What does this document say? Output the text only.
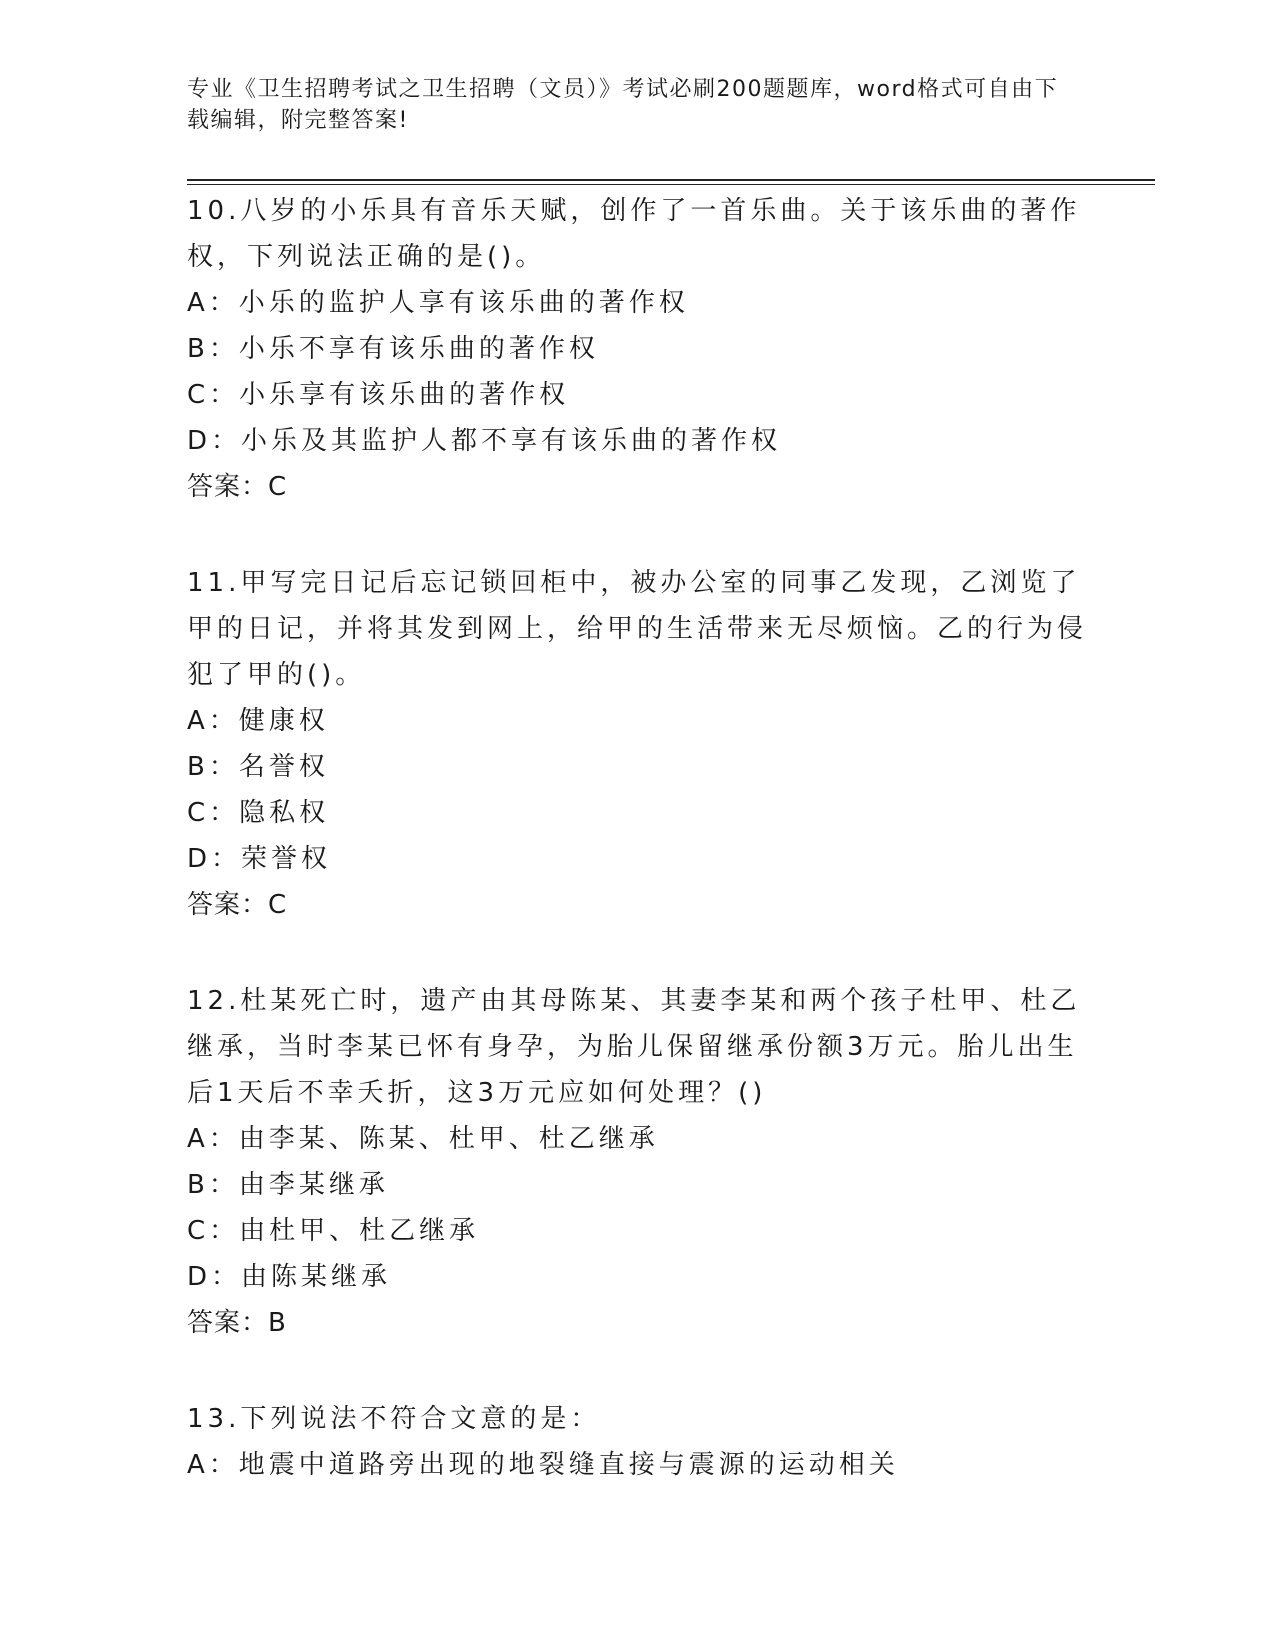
专业《卫生招聘考试之卫生招聘（文员）》考试必刷200题题库，word格式可自由下载编辑，附完整答案!

10.八岁的小乐具有音乐天赋，创作了一首乐曲。关于该乐曲的著作权，下列说法正确的是()。

A：小乐的监护人享有该乐曲的著作权

B：小乐不享有该乐曲的著作权

C：小乐享有该乐曲的著作权

D：小乐及其监护人都不享有该乐曲的著作权

答案：C

11.甲写完日记后忘记锁回柜中，被办公室的同事乙发现，乙浏览了甲的日记，并将其发到网上，给甲的生活带来无尽烦恼。乙的行为侵犯了甲的()。

A：健康权

B：名誉权

C：隐私权

D：荣誉权

答案：C

12.杜某死亡时，遗产由其母陈某、其妻李某和两个孩子杜甲、杜乙继承，当时李某已怀有身孕，为胎儿保留继承份额3万元。胎儿出生后1天后不幸夭折，这3万元应如何处理？()

A：由李某、陈某、杜甲、杜乙继承

B：由李某继承

C：由杜甲、杜乙继承

D：由陈某继承

答案：B

13.下列说法不符合文意的是：

A：地震中道路旁出现的地裂缝直接与震源的运动相关
